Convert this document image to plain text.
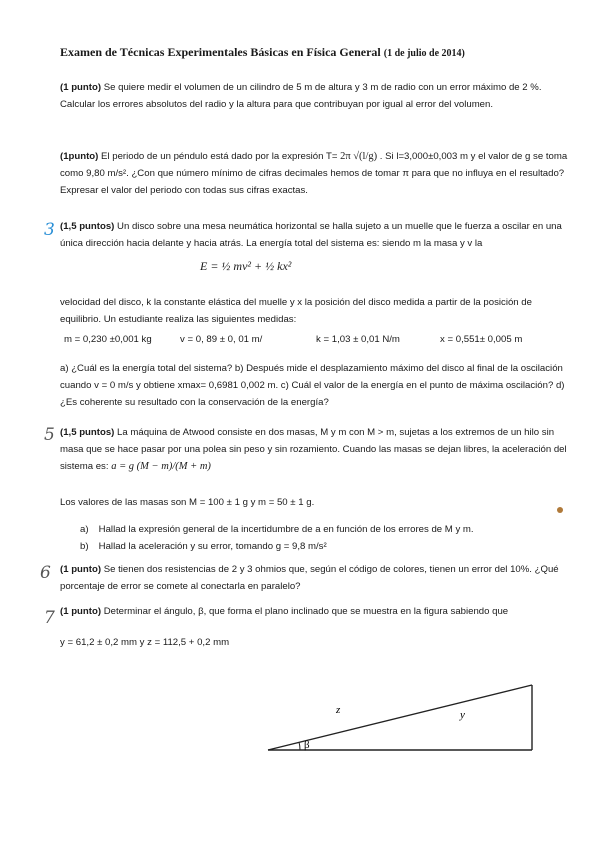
Examen de Técnicas Experimentales Básicas en Física General (1 de julio de 2014)

(1 punto) Se quiere medir el volumen de un cilindro de 5 m de altura y 3 m de radio con un error máximo de 2 %. Calcular los errores absolutos del radio y la altura para que contribuyan por igual al error del volumen.

(1punto) El periodo de un péndulo está dado por la expresión T= 2π √(l/g) . Si l=3,000±0,003 m y el valor de g se toma como 9,80 m/s². ¿Con que número mínimo de cifras decimales hemos de tomar π para que no influya en el resultado? Expresar el valor del periodo con todas sus cifras exactas.

3 (1,5 puntos) Un disco sobre una mesa neumática horizontal se halla sujeto a un muelle que le fuerza a oscilar en una única dirección hacia delante y hacia atrás. La energía total del sistema es: siendo m la masa y v la

E = ½ mv² + ½ kx²

velocidad del disco, k la constante elástica del muelle y x la posición del disco medida a partir de la posición de equilibrio. Un estudiante realiza las siguientes medidas:

m = 0,230 ±0,001 kg	v = 0, 89 ± 0, 01 m/	k = 1,03 ± 0,01 N/m	x = 0,551± 0,005 m

a) ¿Cuál es la energía total del sistema? b) Después mide el desplazamiento máximo del disco al final de la oscilación cuando v = 0 m/s y obtiene xmax= 0,6981 0,002 m. c) Cuál el valor de la energía en el punto de máxima oscilación? d) ¿Es coherente su resultado con la conservación de la energía?

5 (1,5 puntos) La máquina de Atwood consiste en dos masas, M y m con M > m, sujetas a los extremos de un hilo sin masa que se hace pasar por una polea sin peso y sin rozamiento. Cuando las masas se dejan libres, la aceleración del sistema es: a = g (M − m)/(M + m)

Los valores de las masas son M = 100 ± 1 g y m = 50 ± 1 g.

a) Hallad la expresión general de la incertidumbre de a en función de los errores de M y m.
b) Hallad la aceleración y su error, tomando g = 9,8 m/s²
6 (1 punto) Se tienen dos resistencias de 2 y 3 ohmios que, según el código de colores, tienen un error del 10%. ¿Qué porcentaje de error se comete al conectarla en paralelo?

7 (1 punto) Determinar el ángulo, β, que forma el plano inclinado que se muestra en la figura sabiendo que

y = 61,2 ± 0,2 mm y z = 112,5 + 0,2 mm

z	y
β
